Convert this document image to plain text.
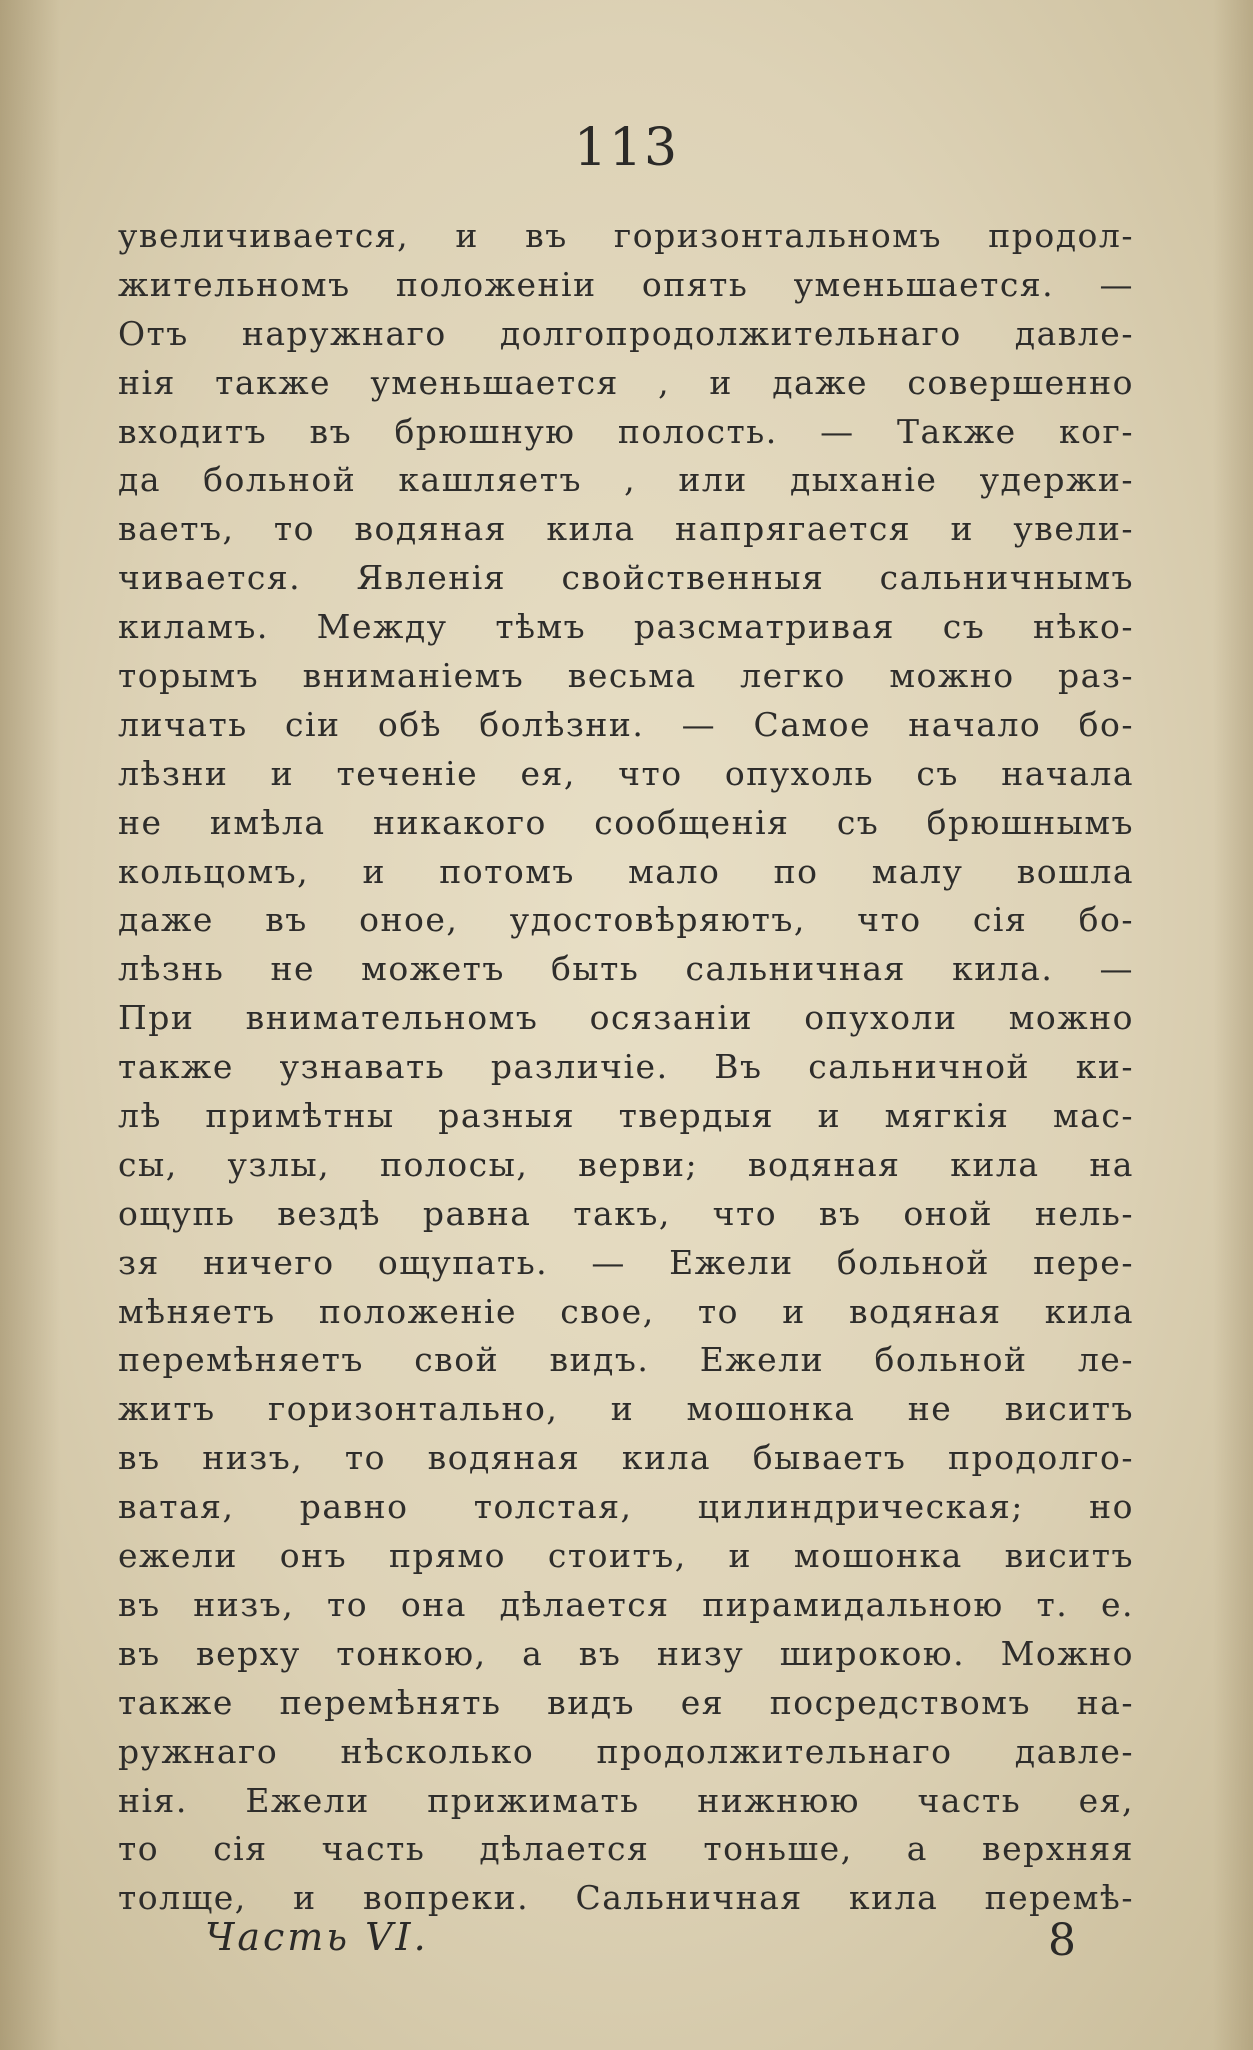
113
увеличивается, и въ горизонтальномъ продол-
жительномъ положенiи опять уменьшается. —
Отъ наружнаго долгопродолжительнаго давле-
нiя также уменьшается , и даже совершенно
входитъ въ брюшную полость. — Также ког-
да больной кашляетъ , или дыханiе удержи-
ваетъ, то водяная кила напрягается и увели-
чивается. Явленiя свойственныя сальничнымъ
киламъ. Между тѣмъ разсматривая съ нѣко-
торымъ вниманiемъ весьма легко можно раз-
личать сiи обѣ болѣзни. — Самое начало бо-
лѣзни и теченiе ея, что опухоль съ начала
не имѣла никакого сообщенiя съ брюшнымъ
кольцомъ, и потомъ мало по малу вошла
даже въ оное, удостовѣряютъ, что сiя бо-
лѣзнь не можетъ быть сальничная кила. —
При внимательномъ осязанiи опухоли можно
также узнавать различiе. Въ сальничной ки-
лѣ примѣтны разныя твердыя и мягкiя мас-
сы, узлы, полосы, верви; водяная кила на
ощупь вездѣ равна такъ, что въ оной нель-
зя ничего ощупать. — Ежели больной пере-
мѣняетъ положенiе свое, то и водяная кила
перемѣняетъ свой видъ. Ежели больной ле-
житъ горизонтально, и мошонка не виситъ
въ низъ, то водяная кила бываетъ продолго-
ватая, равно толстая, цилиндрическая; но
ежели онъ прямо стоитъ, и мошонка виситъ
въ низъ, то она дѣлается пирамидальною т. е.
въ верху тонкою, а въ низу широкою. Можно
также перемѣнять видъ ея посредствомъ на-
ружнаго нѣсколько продолжительнаго давле-
нiя. Ежели прижимать нижнюю часть ея,
то сiя часть дѣлается тоньше, а верхняя
толще, и вопреки. Сальничная кила перемѣ-
Часть VI.	8
